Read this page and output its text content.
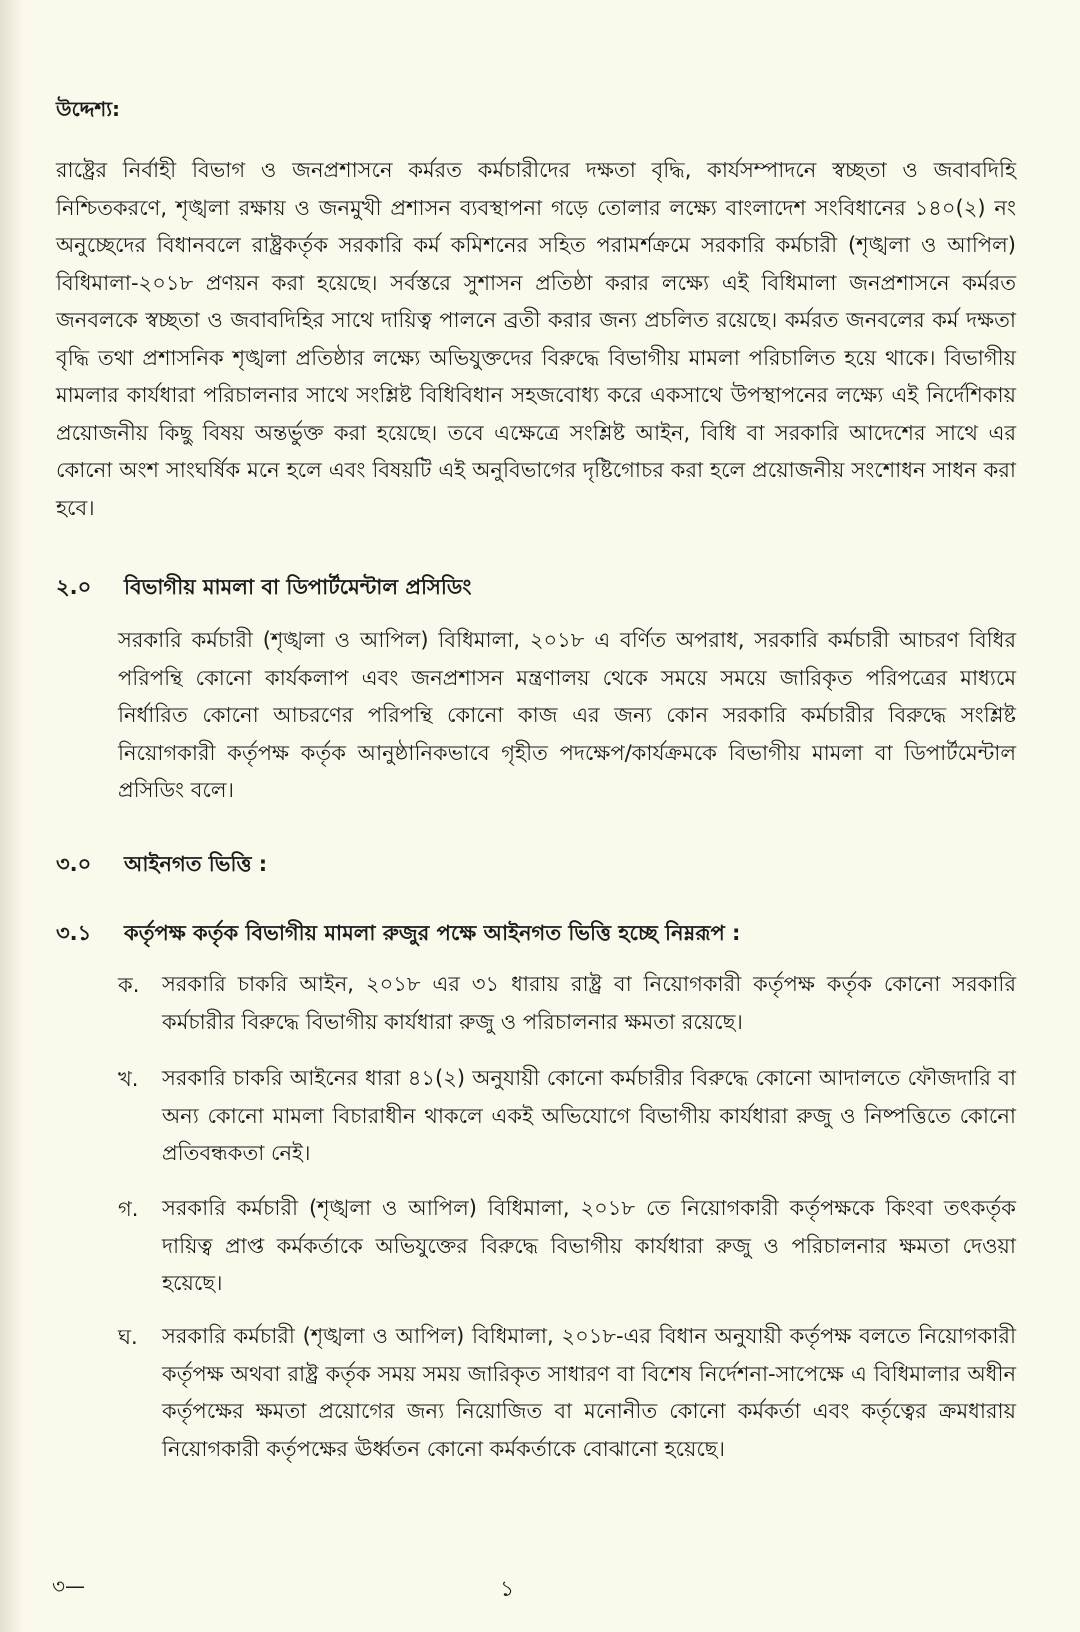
উদ্দেশ্য:
রাষ্ট্রের নির্বাহী বিভাগ ও জনপ্রশাসনে কর্মরত কর্মচারীদের দক্ষতা বৃদ্ধি, কার্যসম্পাদনে স্বচ্ছতা ও জবাবদিহি নিশ্চিতকরণে, শৃঙ্খলা রক্ষায় ও জনমুখী প্রশাসন ব্যবস্থাপনা গড়ে তোলার লক্ষ্যে বাংলাদেশ সংবিধানের ১৪০(২) নং অনুচ্ছেদের বিধানবলে রাষ্ট্রকর্তৃক সরকারি কর্ম কমিশনের সহিত পরামর্শক্রমে সরকারি কর্মচারী (শৃঙ্খলা ও আপিল) বিধিমালা-২০১৮ প্রণয়ন করা হয়েছে। সর্বস্তরে সুশাসন প্রতিষ্ঠা করার লক্ষ্যে এই বিধিমালা জনপ্রশাসনে কর্মরত জনবলকে স্বচ্ছতা ও জবাবদিহির সাথে দায়িত্ব পালনে ব্রতী করার জন্য প্রচলিত রয়েছে। কর্মরত জনবলের কর্ম দক্ষতা বৃদ্ধি তথা প্রশাসনিক শৃঙ্খলা প্রতিষ্ঠার লক্ষ্যে অভিযুক্তদের বিরুদ্ধে বিভাগীয় মামলা পরিচালিত হয়ে থাকে। বিভাগীয় মামলার কার্যধারা পরিচালনার সাথে সংশ্লিষ্ট বিধিবিধান সহজবোধ্য করে একসাথে উপস্থাপনের লক্ষ্যে এই নির্দেশিকায় প্রয়োজনীয় কিছু বিষয় অন্তর্ভুক্ত করা হয়েছে। তবে এক্ষেত্রে সংশ্লিষ্ট আইন, বিধি বা সরকারি আদেশের সাথে এর কোনো অংশ সাংঘর্ষিক মনে হলে এবং বিষয়টি এই অনুবিভাগের দৃষ্টিগোচর করা হলে প্রয়োজনীয় সংশোধন সাধন করা হবে।
২.০	বিভাগীয় মামলা বা ডিপার্টমেন্টাল প্রসিডিং
সরকারি কর্মচারী (শৃঙ্খলা ও আপিল) বিধিমালা, ২০১৮ এ বর্ণিত অপরাধ, সরকারি কর্মচারী আচরণ বিধির পরিপন্থি কোনো কার্যকলাপ এবং জনপ্রশাসন মন্ত্রণালয় থেকে সময়ে সময়ে জারিকৃত পরিপত্রের মাধ্যমে নির্ধারিত কোনো আচরণের পরিপন্থি কোনো কাজ এর জন্য কোন সরকারি কর্মচারীর বিরুদ্ধে সংশ্লিষ্ট নিয়োগকারী কর্তৃপক্ষ কর্তৃক আনুষ্ঠানিকভাবে গৃহীত পদক্ষেপ/কার্যক্রমকে বিভাগীয় মামলা বা ডিপার্টমেন্টাল প্রসিডিং বলে।
৩.০	আইনগত ভিত্তি :
৩.১	কর্তৃপক্ষ কর্তৃক বিভাগীয় মামলা রুজুর পক্ষে আইনগত ভিত্তি হচ্ছে নিম্নরূপ :
ক.	সরকারি চাকরি আইন, ২০১৮ এর ৩১ ধারায় রাষ্ট্র বা নিয়োগকারী কর্তৃপক্ষ কর্তৃক কোনো সরকারি কর্মচারীর বিরুদ্ধে বিভাগীয় কার্যধারা রুজু ও পরিচালনার ক্ষমতা রয়েছে।
খ.	সরকারি চাকরি আইনের ধারা ৪১(২) অনুযায়ী কোনো কর্মচারীর বিরুদ্ধে কোনো আদালতে ফৌজদারি বা অন্য কোনো মামলা বিচারাধীন থাকলে একই অভিযোগে বিভাগীয় কার্যধারা রুজু ও নিষ্পত্তিতে কোনো প্রতিবন্ধকতা নেই।
গ.	সরকারি কর্মচারী (শৃঙ্খলা ও আপিল) বিধিমালা, ২০১৮ তে নিয়োগকারী কর্তৃপক্ষকে কিংবা তৎকর্তৃক দায়িত্ব প্রাপ্ত কর্মকর্তাকে অভিযুক্তের বিরুদ্ধে বিভাগীয় কার্যধারা রুজু ও পরিচালনার ক্ষমতা দেওয়া হয়েছে।
ঘ.	সরকারি কর্মচারী (শৃঙ্খলা ও আপিল) বিধিমালা, ২০১৮-এর বিধান অনুযায়ী কর্তৃপক্ষ বলতে নিয়োগকারী কর্তৃপক্ষ অথবা রাষ্ট্র কর্তৃক সময় সময় জারিকৃত সাধারণ বা বিশেষ নির্দেশনা-সাপেক্ষে এ বিধিমালার অধীন কর্তৃপক্ষের ক্ষমতা প্রয়োগের জন্য নিয়োজিত বা মনোনীত কোনো কর্মকর্তা এবং কর্তৃত্বের ক্রমধারায় নিয়োগকারী কর্তৃপক্ষের ঊর্ধ্বতন কোনো কর্মকর্তাকে বোঝানো হয়েছে।
৩—	১
